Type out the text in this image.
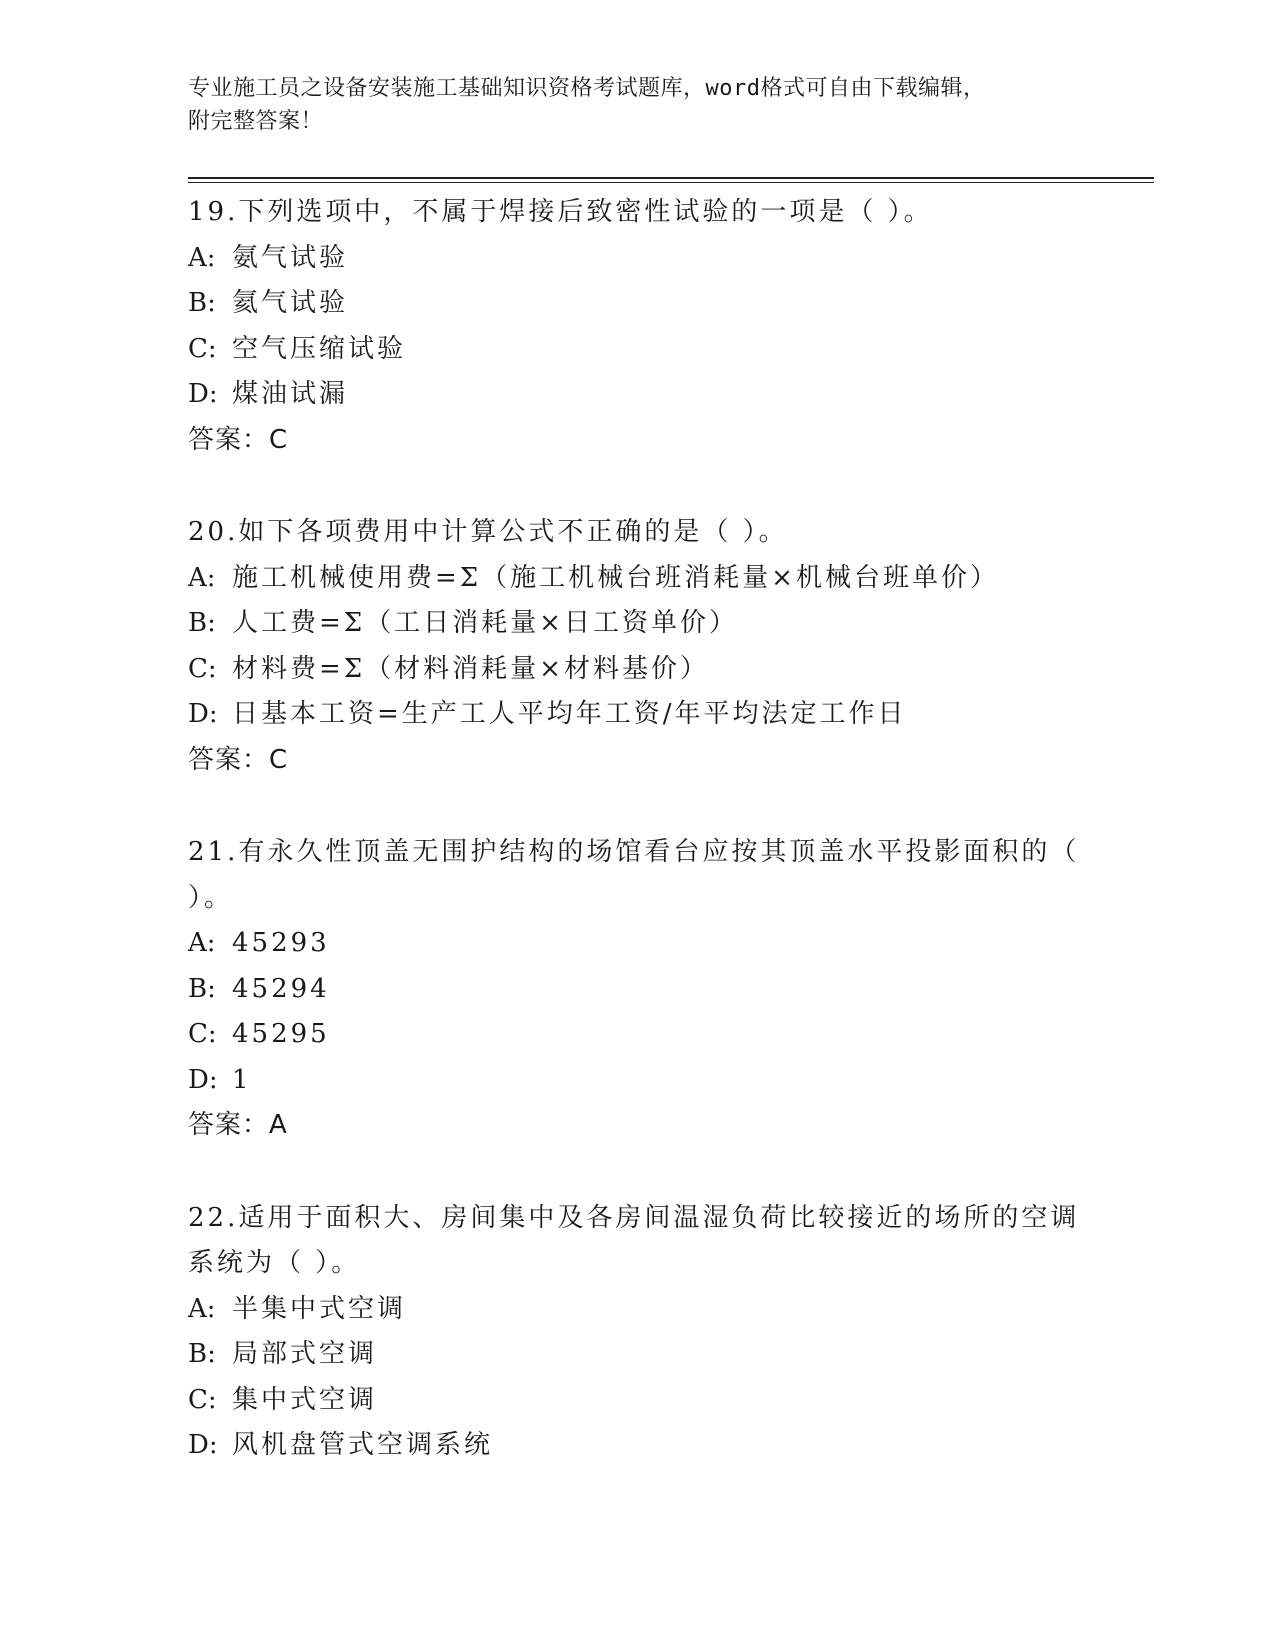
专业施工员之设备安装施工基础知识资格考试题库，word格式可自由下载编辑，
附完整答案！
19.下列选项中，不属于焊接后致密性试验的一项是（ ）。
A: 氨气试验
B: 氦气试验
C: 空气压缩试验
D: 煤油试漏
答案：C
20.如下各项费用中计算公式不正确的是（ ）。
A: 施工机械使用费=Σ（施工机械台班消耗量×机械台班单价）
B: 人工费=Σ（工日消耗量×日工资单价）
C: 材料费=Σ（材料消耗量×材料基价）
D: 日基本工资=生产工人平均年工资/年平均法定工作日
答案：C
21.有永久性顶盖无围护结构的场馆看台应按其顶盖水平投影面积的（
）。
A: 45293
B: 45294
C: 45295
D: 1
答案：A
22.适用于面积大、房间集中及各房间温湿负荷比较接近的场所的空调
系统为（ ）。
A: 半集中式空调
B: 局部式空调
C: 集中式空调
D: 风机盘管式空调系统
